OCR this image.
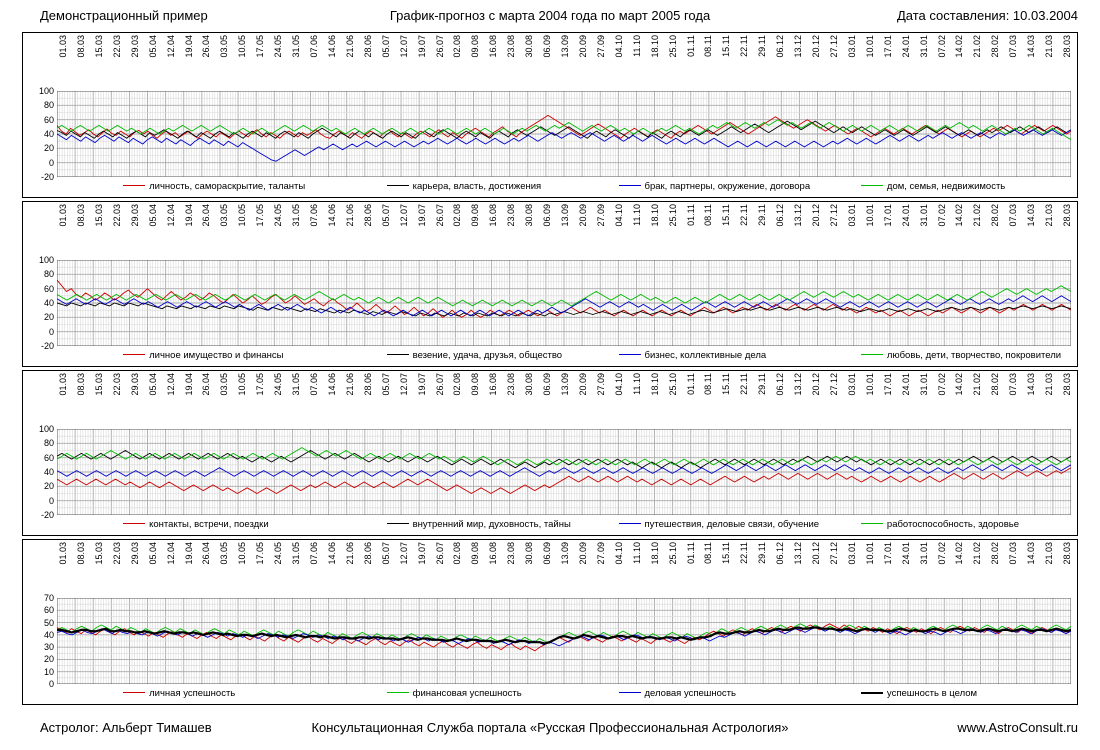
Демонстрационный пример	График-прогноз с марта 2004 года по март 2005 года	Дата составления: 10.03.2004
01.03 08.03 15.03 22.03 29.03 05.04 12.04 19.04 26.04 03.05 10.05 17.05 24.05 31.05 07.06 14.06 21.06 28.06 05.07 12.07 19.07 26.07 02.08 09.08 16.08 23.08 30.08 06.09 13.09 20.09 27.09 04.10 11.10 18.10 25.10 01.11 08.11 15.11 22.11 29.11 06.12 13.12 20.12 27.12 03.01 10.01 17.01 24.01 31.01 07.02 14.02 21.02 28.02 07.03 14.03 21.03 28.03
-20
0
20
40
60
80
100
личность, самораскрытие, таланты	карьера, власть, достижения	брак, партнеры, окружение, договора	дом, семья, недвижимость
01.03 08.03 15.03 22.03 29.03 05.04 12.04 19.04 26.04 03.05 10.05 17.05 24.05 31.05 07.06 14.06 21.06 28.06 05.07 12.07 19.07 26.07 02.08 09.08 16.08 23.08 30.08 06.09 13.09 20.09 27.09 04.10 11.10 18.10 25.10 01.11 08.11 15.11 22.11 29.11 06.12 13.12 20.12 27.12 03.01 10.01 17.01 24.01 31.01 07.02 14.02 21.02 28.02 07.03 14.03 21.03 28.03
-20
0
20
40
60
80
100
личное имущество и финансы	везение, удача, друзья, общество	бизнес, коллективные дела	любовь, дети, творчество, покровители
01.03 08.03 15.03 22.03 29.03 05.04 12.04 19.04 26.04 03.05 10.05 17.05 24.05 31.05 07.06 14.06 21.06 28.06 05.07 12.07 19.07 26.07 02.08 09.08 16.08 23.08 30.08 06.09 13.09 20.09 27.09 04.10 11.10 18.10 25.10 01.11 08.11 15.11 22.11 29.11 06.12 13.12 20.12 27.12 03.01 10.01 17.01 24.01 31.01 07.02 14.02 21.02 28.02 07.03 14.03 21.03 28.03
-20
0
20
40
60
80
100
контакты, встречи, поездки	внутренний мир, духовность, тайны	путешествия, деловые связи, обучение	работоспособность, здоровье
01.03 08.03 15.03 22.03 29.03 05.04 12.04 19.04 26.04 03.05 10.05 17.05 24.05 31.05 07.06 14.06 21.06 28.06 05.07 12.07 19.07 26.07 02.08 09.08 16.08 23.08 30.08 06.09 13.09 20.09 27.09 04.10 11.10 18.10 25.10 01.11 08.11 15.11 22.11 29.11 06.12 13.12 20.12 27.12 03.01 10.01 17.01 24.01 31.01 07.02 14.02 21.02 28.02 07.03 14.03 21.03 28.03
0
10
20
30
40
50
60
70
личная успешность	финансовая успешность	деловая успешность	успешность в целом
Астролог: Альберт Тимашев	Консультационная Служба портала «Русская Профессиональная Астрология»	www.AstroConsult.ru
